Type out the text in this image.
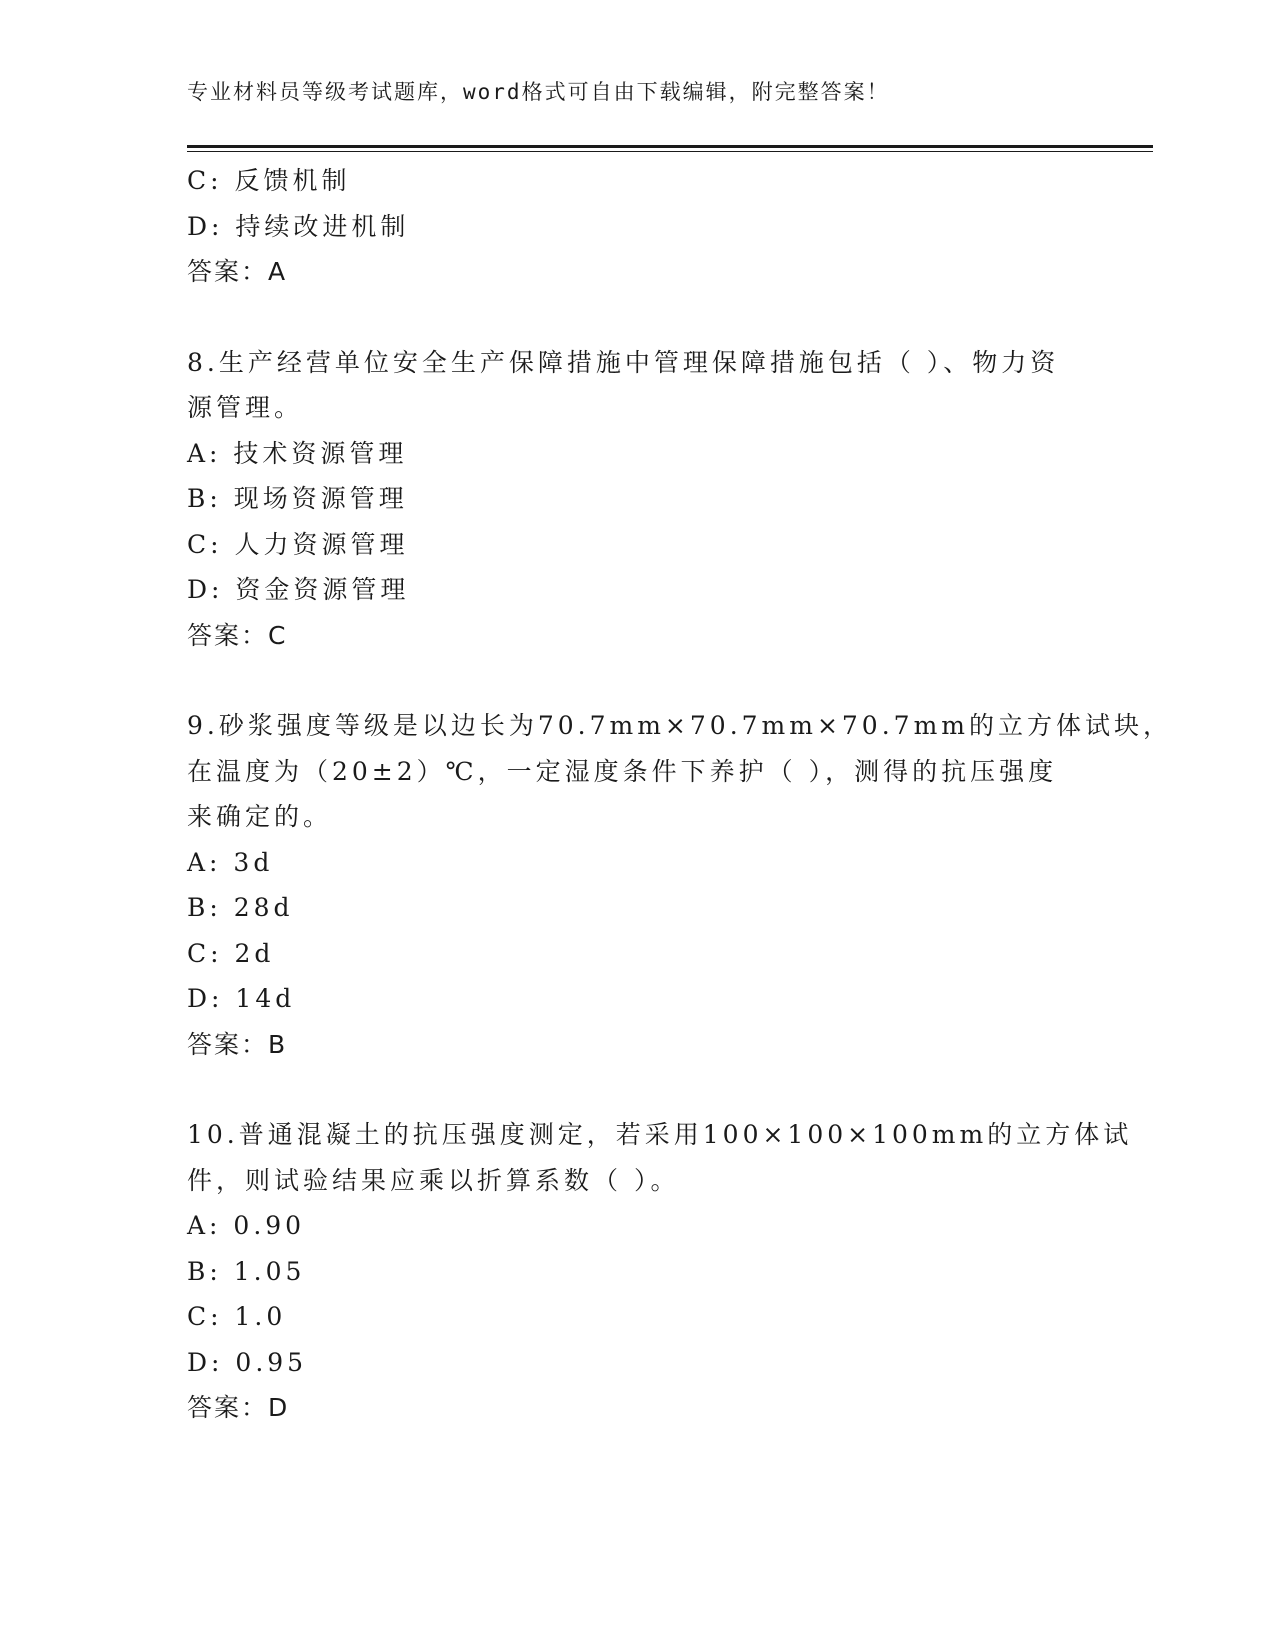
专业材料员等级考试题库，word格式可自由下载编辑，附完整答案！
C: 反馈机制
D: 持续改进机制
答案：A
8.生产经营单位安全生产保障措施中管理保障措施包括（ ）、物力资
源管理。
A: 技术资源管理
B: 现场资源管理
C: 人力资源管理
D: 资金资源管理
答案：C
9.砂浆强度等级是以边长为70.7mm×70.7mm×70.7mm的立方体试块，
在温度为（20±2）℃，一定湿度条件下养护（ ），测得的抗压强度
来确定的。
A: 3d
B: 28d
C: 2d
D: 14d
答案：B
10.普通混凝土的抗压强度测定，若采用100×100×100mm的立方体试
件，则试验结果应乘以折算系数（ ）。
A: 0.90
B: 1.05
C: 1.0
D: 0.95
答案：D
